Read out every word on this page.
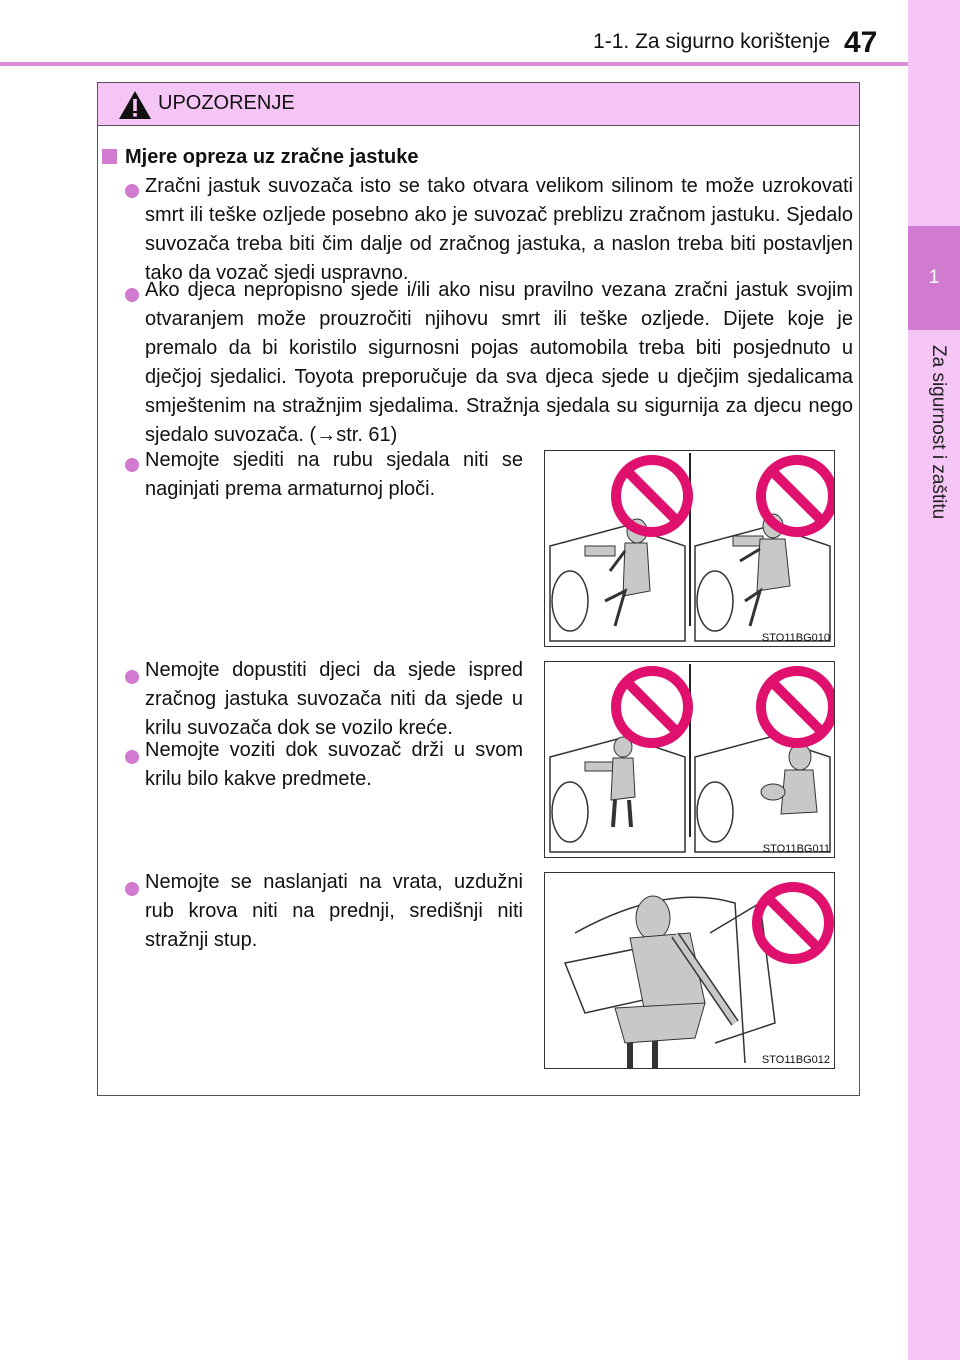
1-1. Za sigurno korištenje 47
1
Za sigurnost i zaštitu
UPOZORENJE
Mjere opreza uz zračne jastuke
Zračni jastuk suvozača isto se tako otvara velikom silinom te može uzrokovati smrt ili teške ozljede posebno ako je suvozač preblizu zračnom jastuku. Sjedalo suvozača treba biti čim dalje od zračnog jastuka, a naslon treba biti postavljen tako da vozač sjedi uspravno.
Ako djeca nepropisno sjede i/ili ako nisu pravilno vezana zračni jastuk svojim otvaranjem može prouzročiti njihovu smrt ili teške ozljede. Dijete koje je premalo da bi koristilo sigurnosni pojas automobila treba biti posjednuto u dječjoj sjedalici. Toyota preporučuje da sva djeca sjede u dječjim sjedalicama smještenim na stražnjim sjedalima. Stražnja sjedala su sigurnija za djecu nego sjedalo suvozača. (→str. 61)
Nemojte sjediti na rubu sjedala niti se naginjati prema armaturnoj ploči.
Nemojte dopustiti djeci da sjede ispred zračnog jastuka suvozača niti da sjede u krilu suvozača dok se vozilo kreće.
Nemojte voziti dok suvozač drži u svom krilu bilo kakve predmete.
Nemojte se naslanjati na vrata, uzdužni rub krova niti na prednji, središnji niti stražnji stup.
STO11BG010
STO11BG011
STO11BG012
